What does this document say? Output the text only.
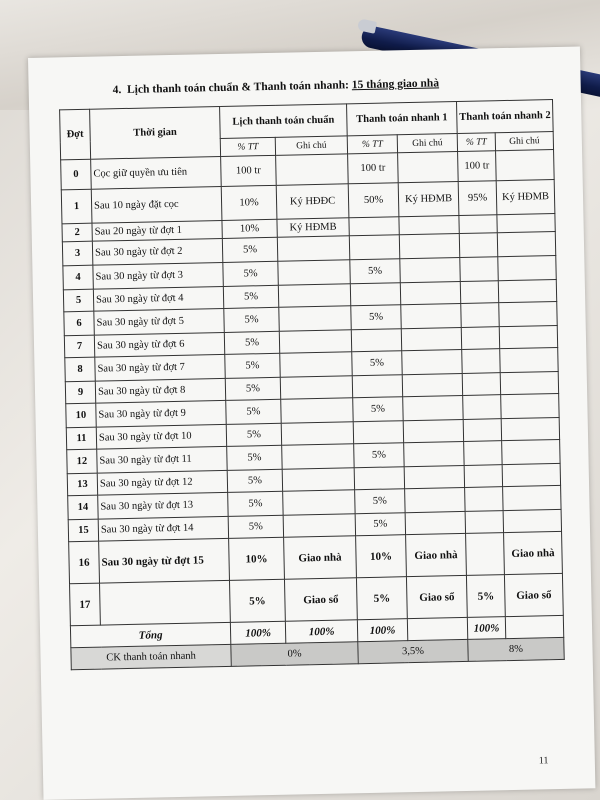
4. Lịch thanh toán chuẩn & Thanh toán nhanh: 15 tháng giao nhà
Đợt	Thời gian	Lịch thanh toán chuẩn		Thanh toán nhanh 1		Thanh toán nhanh 2	
		% TT	Ghi chú	% TT	Ghi chú	% TT	Ghi chú
0	Cọc giữ quyền ưu tiên	100 tr		100 tr		100 tr	
1	Sau 10 ngày đặt cọc	10%	Ký HĐĐC	50%	Ký HĐMB	95%	Ký HĐMB
2	Sau 20 ngày từ đợt 1	10%	Ký HĐMB				
3	Sau 30 ngày từ đợt 2	5%					
4	Sau 30 ngày từ đợt 3	5%		5%			
5	Sau 30 ngày từ đợt 4	5%					
6	Sau 30 ngày từ đợt 5	5%		5%			
7	Sau 30 ngày từ đợt 6	5%					
8	Sau 30 ngày từ đợt 7	5%		5%			
9	Sau 30 ngày từ đợt 8	5%					
10	Sau 30 ngày từ đợt 9	5%		5%			
11	Sau 30 ngày từ đợt 10	5%					
12	Sau 30 ngày từ đợt 11	5%		5%			
13	Sau 30 ngày từ đợt 12	5%					
14	Sau 30 ngày từ đợt 13	5%		5%			
15	Sau 30 ngày từ đợt 14	5%		5%			
16	Sau 30 ngày từ đợt 15	10%	Giao nhà	10%	Giao nhà		Giao nhà
17		5%	Giao sổ	5%	Giao sổ	5%	Giao sổ
Tổng		100%	100%	100%		100%	
CK thanh toán nhanh		0%		3,5%		8%	
11
